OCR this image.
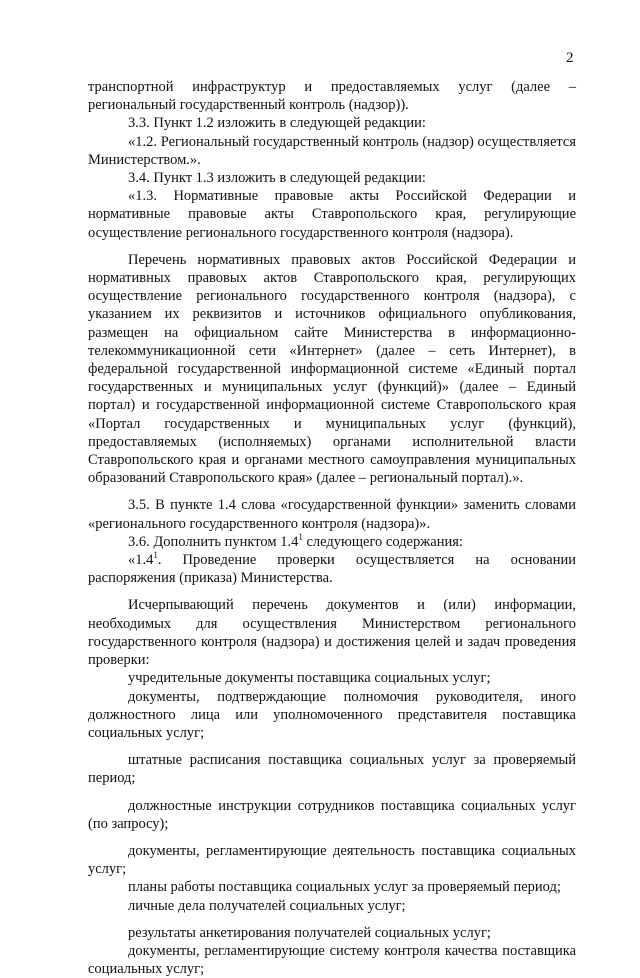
2

транспортной инфраструктур и предоставляемых услуг (далее – региональный государственный контроль (надзор)).

3.3. Пункт 1.2 изложить в следующей редакции:

«1.2. Региональный государственный контроль (надзор) осуществляется Министерством.».

3.4. Пункт 1.3 изложить в следующей редакции:

«1.3. Нормативные правовые акты Российской Федерации и нормативные правовые акты Ставропольского края, регулирующие осуществление регионального государственного контроля (надзора).

Перечень нормативных правовых актов Российской Федерации и нормативных правовых актов Ставропольского края, регулирующих осуществление регионального государственного контроля (надзора), с указанием их реквизитов и источников официального опубликования, размещен на официальном сайте Министерства в информационно-телекоммуникационной сети «Интернет» (далее – сеть Интернет), в федеральной государственной информационной системе «Единый портал государственных и муниципальных услуг (функций)» (далее – Единый портал) и государственной информационной системе Ставропольского края «Портал государственных и муниципальных услуг (функций), предоставляемых (исполняемых) органами исполнительной власти Ставропольского края и органами местного самоуправления муниципальных образований Ставропольского края» (далее – региональный портал).».

3.5. В пункте 1.4 слова «государственной функции» заменить словами «регионального государственного контроля (надзора)».

3.6. Дополнить пунктом $1.4^1$ следующего содержания:

«$1.4^1$. Проведение проверки осуществляется на основании распоряжения (приказа) Министерства.

Исчерпывающий перечень документов и (или) информации, необходимых для осуществления Министерством регионального государственного контроля (надзора) и достижения целей и задач проведения проверки:

учредительные документы поставщика социальных услуг;

документы, подтверждающие полномочия руководителя, иного должностного лица или уполномоченного представителя поставщика социальных услуг;

штатные расписания поставщика социальных услуг за проверяемый период;

должностные инструкции сотрудников поставщика социальных услуг (по запросу);

документы, регламентирующие деятельность поставщика социальных услуг;

планы работы поставщика социальных услуг за проверяемый период;

личные дела получателей социальных услуг;

результаты анкетирования получателей социальных услуг;

документы, регламентирующие систему контроля качества поставщика социальных услуг;
